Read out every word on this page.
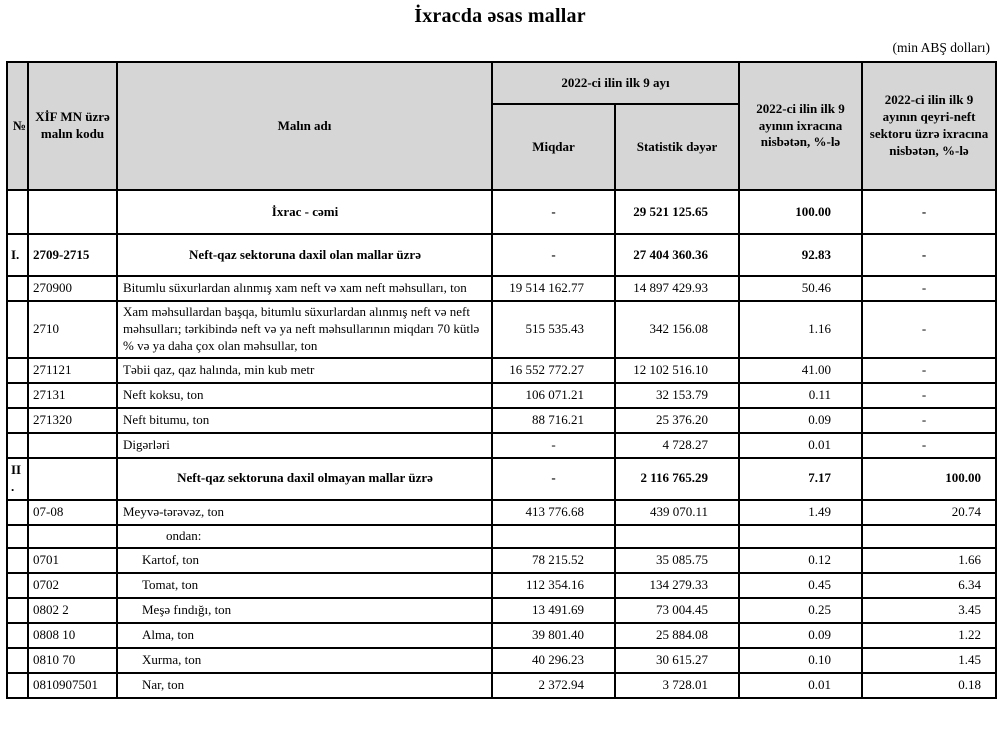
İxracda əsas mallar
(min ABŞ dolları)
№	XİF MN üzrə malın kodu	Malın adı	2022-ci ilin ilk 9 ayı		2022-ci ilin ilk 9 ayının ixracına nisbətən, %-lə	2022-ci ilin ilk 9 ayının qeyri-neft sektoru üzrə ixracına nisbətən, %-lə
			Miqdar	Statistik dəyər		
		İxrac - cəmi	-	29 521 125.65	100.00	-
I.	2709-2715	Neft-qaz sektoruna daxil olan mallar üzrə	-	27 404 360.36	92.83	-
	270900	Bitumlu süxurlardan alınmış xam neft və xam neft məhsulları, ton	19 514 162.77	14 897 429.93	50.46	-
	2710	Xam məhsullardan başqa, bitumlu süxurlardan alınmış neft və neft məhsulları; tərkibində neft və ya neft məhsullarının miqdarı 70 kütlə % və ya daha çox olan məhsullar, ton	515 535.43	342 156.08	1.16	-
	271121	Təbii qaz, qaz halında, min kub metr	16 552 772.27	12 102 516.10	41.00	-
	27131	Neft koksu, ton	106 071.21	32 153.79	0.11	-
	271320	Neft bitumu, ton	88 716.21	25 376.20	0.09	-
		Digərləri	-	4 728.27	0.01	-
II.		Neft-qaz sektoruna daxil olmayan mallar üzrə	-	2 116 765.29	7.17	100.00
	07-08	Meyvə-tərəvəz, ton	413 776.68	439 070.11	1.49	20.74
		ondan:				
	0701	Kartof, ton	78 215.52	35 085.75	0.12	1.66
	0702	Tomat, ton	112 354.16	134 279.33	0.45	6.34
	0802 2	Meşə fındığı, ton	13 491.69	73 004.45	0.25	3.45
	0808 10	Alma, ton	39 801.40	25 884.08	0.09	1.22
	0810 70	Xurma, ton	40 296.23	30 615.27	0.10	1.45
	0810907501	Nar, ton	2 372.94	3 728.01	0.01	0.18
